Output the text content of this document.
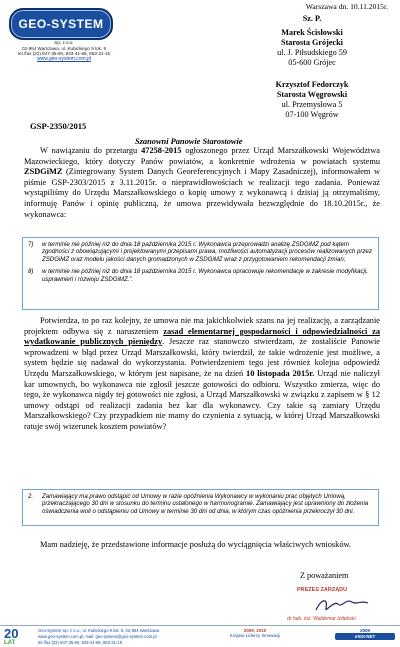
GEO-SYSTEM
Sp. z o.o.
02-954 Warszawa, ul. Kubickiego 9 lok. 5
tel./fax (22) 847-35-80, 843-41-68, 853-31-15
www.geo-system.com.pl
Warszawa dn. 10.11.2015r.
Sz. P.
Marek Ścisłowski
Starosta Grójecki
ul. J. Piłsudskiego 59
05-600 Grójec
Krzysztof Fedorczyk
Starosta Węgrowski
ul. Przemysłowa 5
07-100 Węgrów
GSP-2350/2015
Szanowni Panowie Starostowie
W nawiązaniu do przetargu 47258-2015 ogłoszonego przez Urząd Marszałkowski Województwa Mazowieckiego, który dotyczy Panów powiatów, a konkretnie wdrożenia w powiatach systemu ZSDGiMZ (Zintegrowany System Danych Georeferencyjnych i Mapy Zasadniczej), informowałem w piśmie GSP-2303/2015 z 3.11.2015r. o nieprawidłowościach w realizacji tego zadania. Ponieważ wystąpiliśmy do Urzędu Marszałkowskiego o kopię umowy z wykonawcą i dzisiaj ją otrzymaliśmy, informuję Panów i opinię publiczną, że umowa przewidywała bezwzględnie do 18.10.2015r., że wykonawca:
7)	w terminie nie później niż do dnia 18 października 2015 r. Wykonawca przeprowadzi analizę ZSDGiMZ pod kątem zgodności z obowiązującymi i projektowanymi przepisami prawa, możliwości automatyzacji procesów realizowanych przez ZSDGiMZ oraz modelu jakości danych gromadzonych w ZSDGiMZ wraz z przygotowaniem rekomendacji zmian;
8)	w terminie nie później niż do dnia 18 października 2015 r. Wykonawca opracowuje rekomendacje w zakresie modyfikacji, usprawnień i rozwoju ZSDGiMZ.”.
Potwierdza, to po raz kolejny, że umowa nie ma jakichkolwiek szans na jej realizację, a zarządzanie projektem odbywa się z naruszeniem zasad elementarnej gospodarności i odpowiedzialności za wydatkowanie publicznych pieniędzy. Jeszcze raz stanowczo stwierdzam, że zostaliście Panowie wprowadzeni w błąd przez Urząd Marszałkowski, który twierdził, że takie wdrożenie jest możliwe, a system będzie się nadawał do wykorzystania. Potwierdzeniem tego jest również kolejna odpowiedź Urzędu Marszałkowskiego, w którym jest napisane, że na dzień 10 listopada 2015r. Urząd nie naliczył kar umownych, bo wykonawca nie zgłosił jeszcze gotowości do odbioru. Wszystko zmierza, więc do tego, że wykonawca nigdy tej gotowości nie zgłosi, a Urząd Marszałkowski w związku z zapisem w § 12 umowy odstąpi od realizacji zadania bez kar dla wykonawcy. Czy takie są zamiary Urzędu Marszałkowskiego? Czy przypadkiem nie mamy do czynienia z sytuacją, w której Urząd Marszałkowski ratuje swój wizerunek kosztem powiatów?
2.	Zamawiający ma prawo odstąpić od Umowy w razie opóźnienia Wykonawcy w wykonaniu prac objętych Umową, przekraczającego 30 dni w stosunku do terminu ustalonego w harmonogramie. Zamawiający jest uprawniony do złożenia oświadczenia woli o odstąpieniu od Umowy w terminie 30 dni od dnia, w którym czas opóźnienia przekroczył 30 dni.
Mam nadzieję, że przedstawione informacje posłużą do wyciągnięcia właściwych wniosków.
Z poważaniem
PREZES ZARZĄDU
dr hab. inż. Waldemar Izdebski
20
LAT
Geo-System Sp. z o.o., ul. Kubickiego 9 lok. 5, 02-954 Warszawa
www.geo-system.com.pl, mail: geo-system@geo-system.com.pl
tel./fax (22) 847-35-80, 843-41-68, 853-31-15
2009, 2010
Krajowi Liderzy Innowacji
2009
eSDI-NET
